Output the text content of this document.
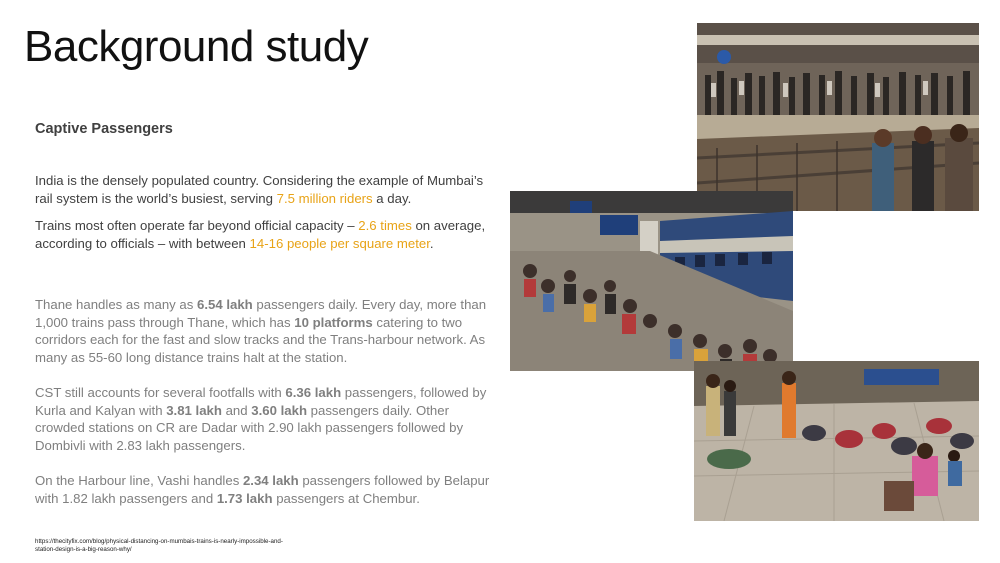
Background study
Captive Passengers
India is the densely populated country. Considering the example of Mumbai’s rail system is the world’s busiest, serving 7.5 million riders a day.
Trains most often operate far beyond official capacity – 2.6 times on average, according to officials – with between 14-16 people per square meter.
Thane handles as many as 6.54 lakh passengers daily. Every day, more than 1,000 trains pass through Thane, which has 10 platforms catering to two corridors each for the fast and slow tracks and the Trans-harbour network. As many as 55-60 long distance trains halt at the station.
CST still accounts for several footfalls with 6.36 lakh passengers, followed by Kurla and Kalyan with 3.81 lakh and 3.60 lakh passengers daily. Other crowded stations on CR are Dadar with 2.90 lakh passengers followed by Dombivli with 2.83 lakh passengers.
On the Harbour line, Vashi handles 2.34 lakh passengers followed by Belapur with 1.82 lakh passengers and 1.73 lakh passengers at Chembur.
https://thecityfix.com/blog/physical-distancing-on-mumbais-trains-is-nearly-impossible-and-station-design-is-a-big-reason-why/
